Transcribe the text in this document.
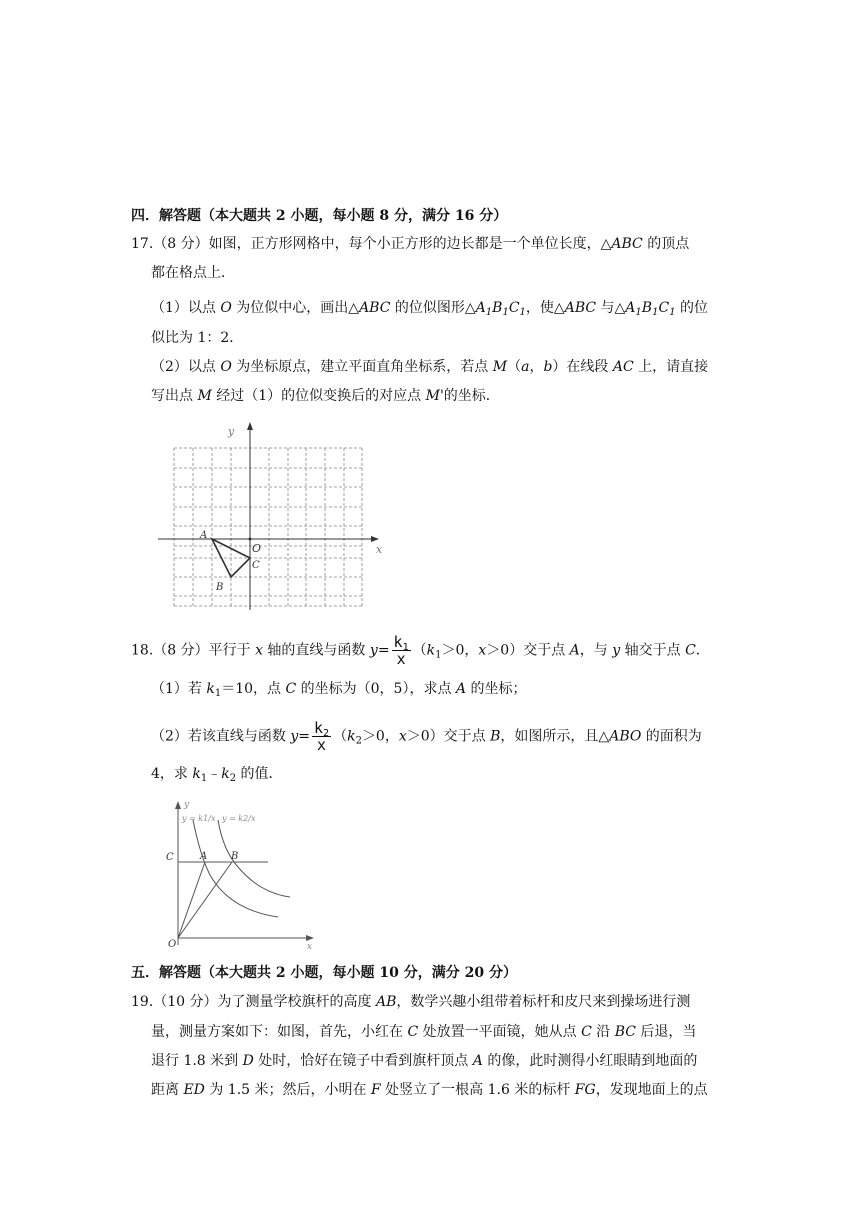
四．解答题（本大题共 2 小题，每小题 8 分，满分 16 分）
17.（8 分）如图，正方形网格中，每个小正方形的边长都是一个单位长度，△ABC 的顶点
都在格点上．
（1）以点 O 为位似中心，画出△ABC 的位似图形$\triangle A_1B_1C_1$，使△ABC 与$\triangle A_1B_1C_1$ 的位
似比为 1：2．
（2）以点 O 为坐标原点，建立平面直角坐标系，若点 M（a，b）在线段 AC 上，请直接
写出点 M 经过（1）的位似变换后的对应点 M'的坐标．
y
x
O
A
C
B
18.（8 分）平行于 x 轴的直线与函数 $y= \frac{k_1}{x} (k_1>0$，x＞0）交于点 A，与 y 轴交于点 C．
（1）若 $k_1=10$，点 C 的坐标为（0，5），求点 A 的坐标；
（2）若该直线与函数 $y= \frac{k_2}{x} (k_2>0$，x＞0）交于点 B，如图所示，且△ABO 的面积为
4，求 $k_1﹣k_2$ 的值．
y
x
O
C	A B
y = k1/x y = k2/x
五．解答题（本大题共 2 小题，每小题 10 分，满分 20 分）
19.（10 分）为了测量学校旗杆的高度 AB，数学兴趣小组带着标杆和皮尺来到操场进行测
量，测量方案如下：如图，首先，小红在 C 处放置一平面镜，她从点 C 沿 BC 后退，当
退行 1.8 米到 D 处时，恰好在镜子中看到旗杆顶点 A 的像，此时测得小红眼睛到地面的
距离 ED 为 1.5 米；然后，小明在 F 处竖立了一根高 1.6 米的标杆 FG，发现地面上的点
